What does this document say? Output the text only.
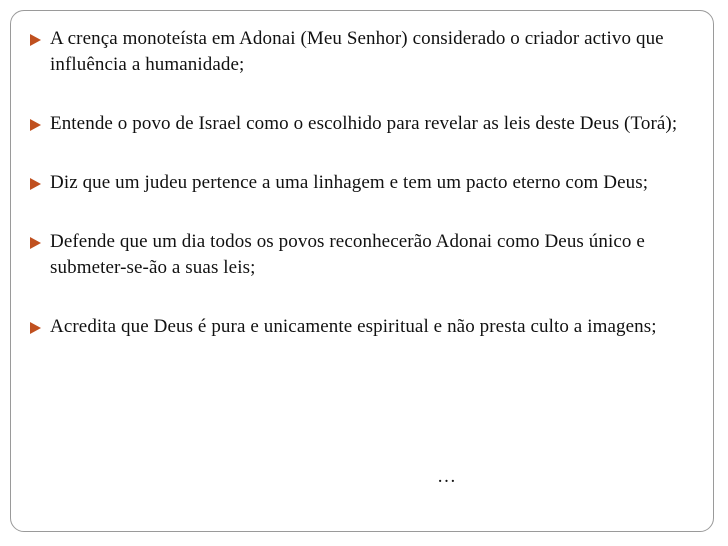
A crença monoteísta em Adonai (Meu Senhor) considerado o criador activo que influência a humanidade;
Entende o povo de Israel como o escolhido para revelar as leis deste Deus (Torá);
Diz que um judeu pertence a uma linhagem e tem um pacto eterno com Deus;
Defende que um dia todos os povos reconhecerão Adonai como Deus único e submeter-se-ão a suas leis;
Acredita que Deus é pura e unicamente espiritual e não presta culto a imagens;
…
